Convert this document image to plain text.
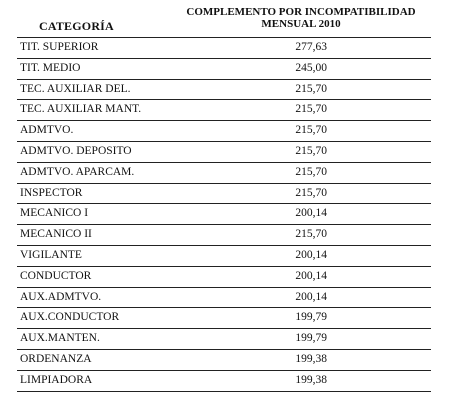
CATEGORÍA
COMPLEMENTO POR INCOMPATIBILIDAD
MENSUAL 2010
TIT. SUPERIOR	277,63
TIT. MEDIO	245,00
TEC. AUXILIAR DEL.	215,70
TEC. AUXILIAR MANT.	215,70
ADMTVO.	215,70
ADMTVO. DEPOSITO	215,70
ADMTVO. APARCAM.	215,70
INSPECTOR	215,70
MECANICO I	200,14
MECANICO II	215,70
VIGILANTE	200,14
CONDUCTOR	200,14
AUX.ADMTVO.	200,14
AUX.CONDUCTOR	199,79
AUX.MANTEN.	199,79
ORDENANZA	199,38
LIMPIADORA	199,38
